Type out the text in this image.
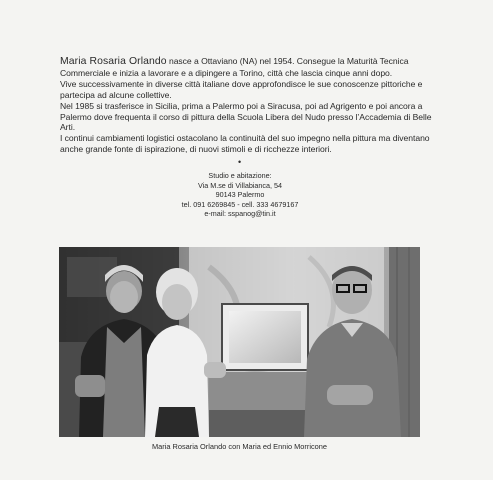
Maria Rosaria Orlando nasce a Ottaviano (NA) nel 1954. Consegue la Maturità Tecnica Commerciale e inizia a lavorare e a dipingere a Torino, città che lascia cinque anni dopo.

Vive successivamente in diverse città italiane dove approfondisce le sue conoscenze pittoriche e partecipa ad alcune collettive.

Nel 1985 si trasferisce in Sicilia, prima a Palermo poi a Siracusa, poi ad Agrigento e poi ancora a Palermo dove frequenta il corso di pittura della Scuola Libera del Nudo presso l’Accademia di Belle Arti.

I continui cambiamenti logistici ostacolano la continuità del suo impegno nella pittura ma diventano anche grande fonte di ispirazione, di nuovi stimoli e di ricchezze interiori.

•
Studio e abitazione:
Via M.se di Villabianca, 54
90143 Palermo
tel. 091 6269845 - cell. 333 4679167
e-mail: sspanog@tin.it
Maria Rosaria Orlando con Maria ed Ennio Morricone
